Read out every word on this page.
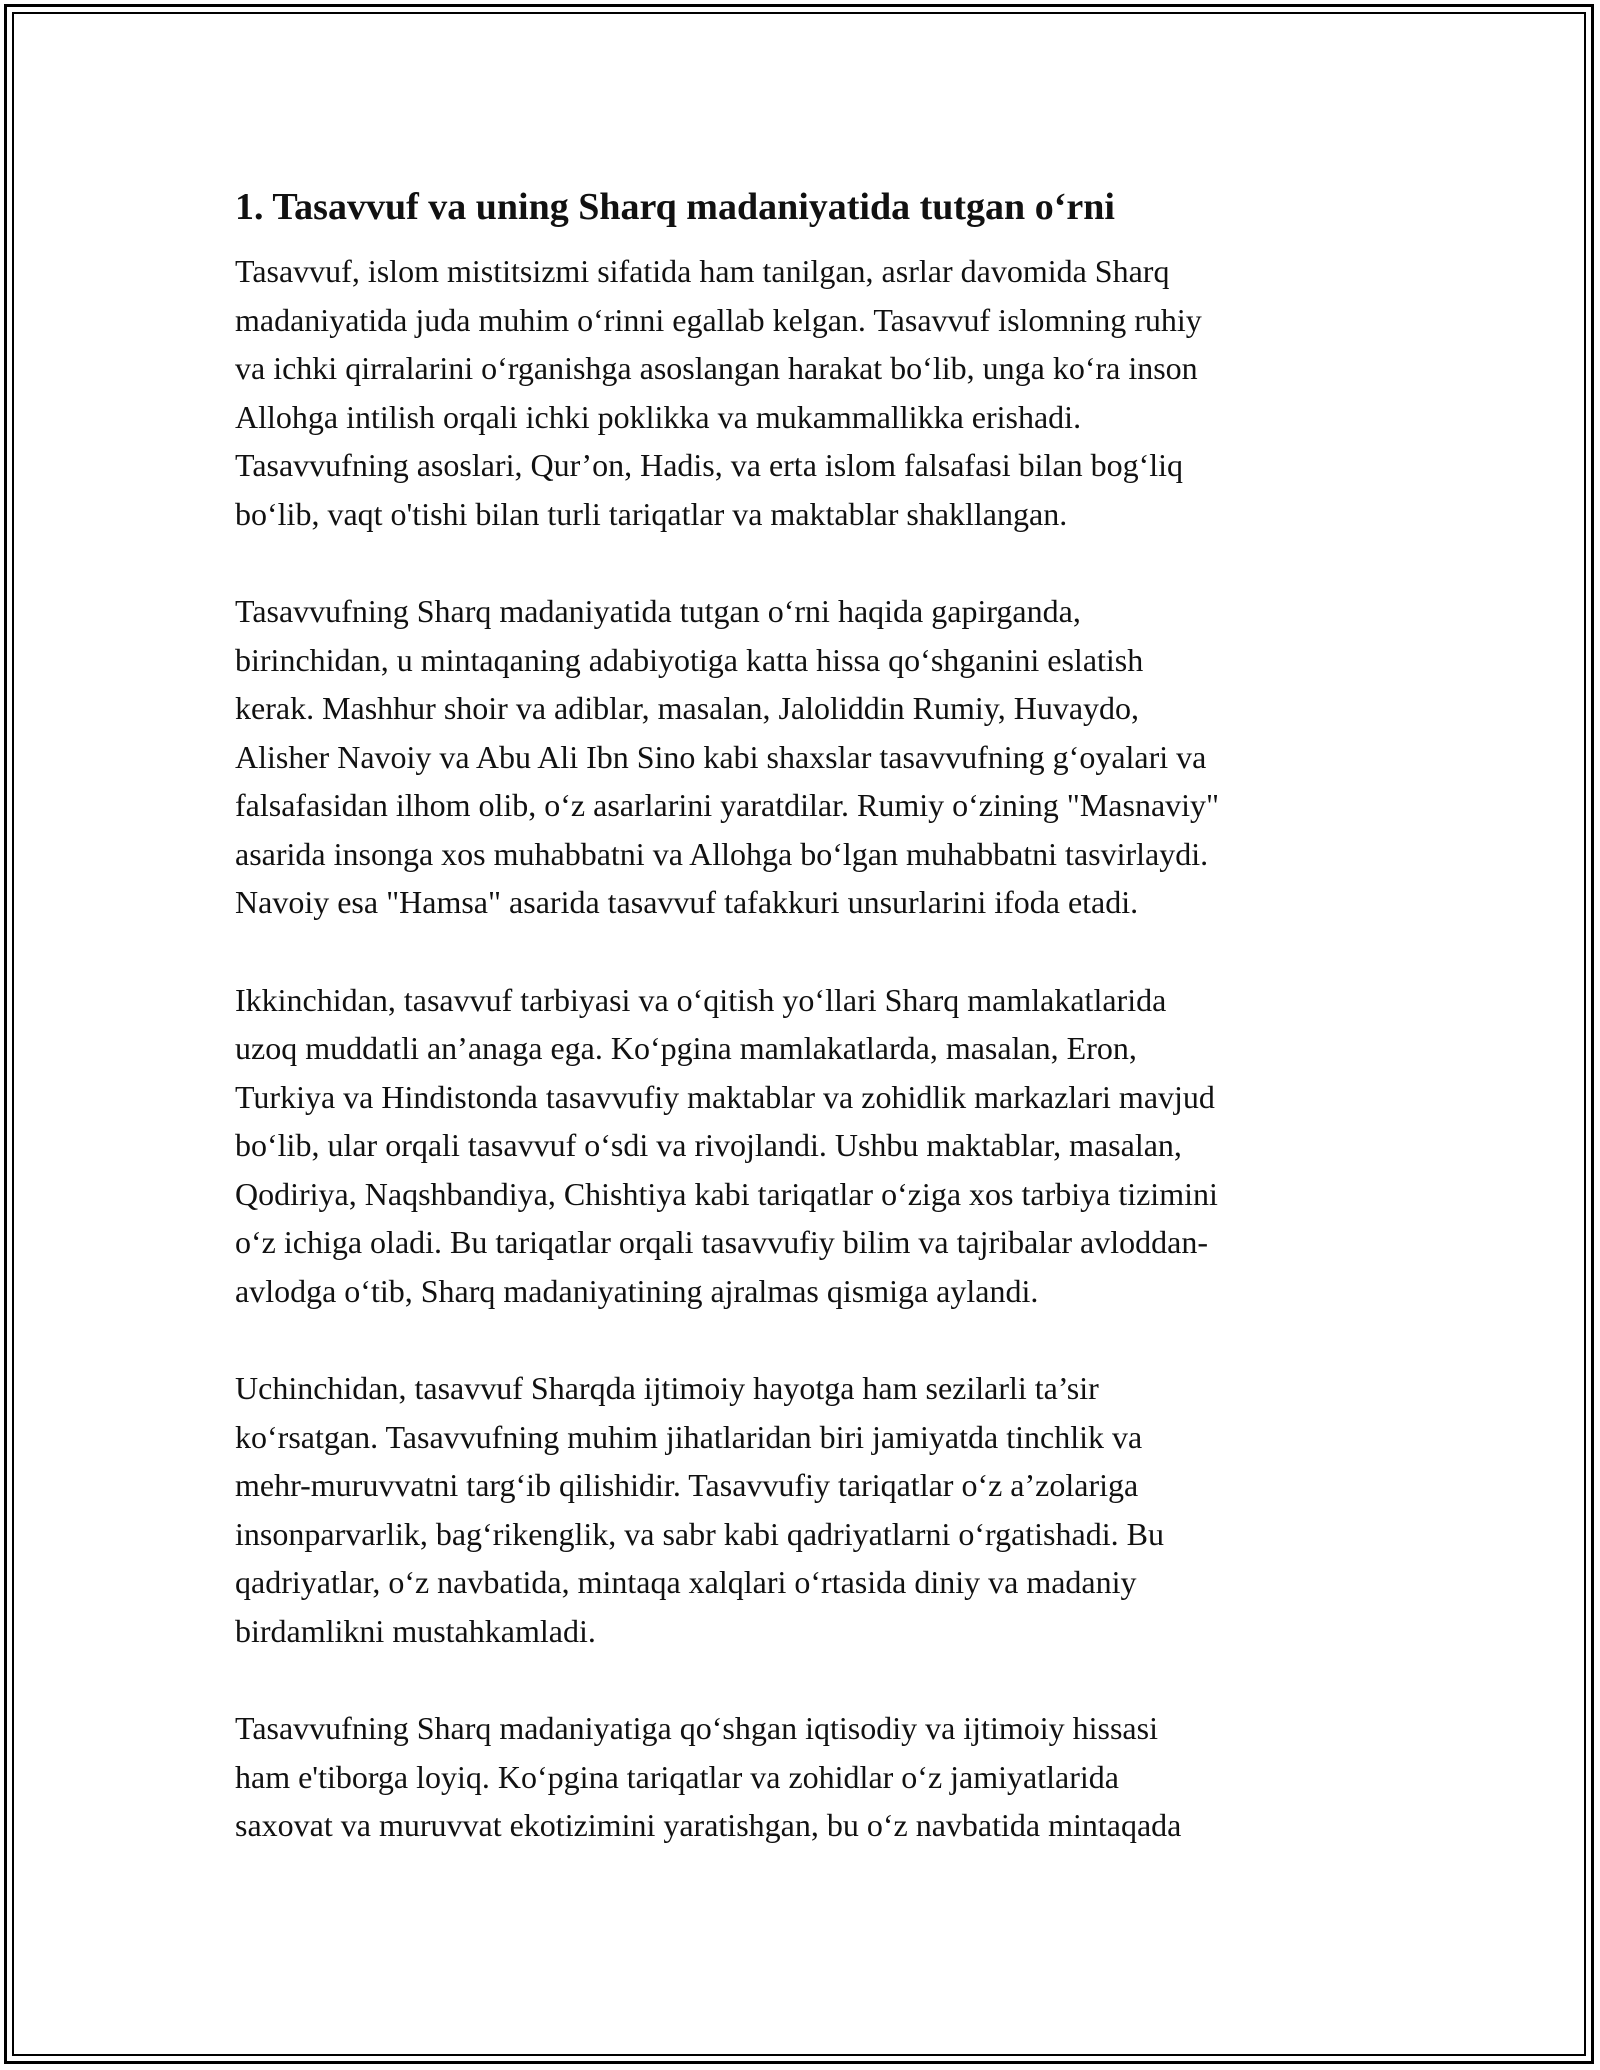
1. Tasavvuf va uning Sharq madaniyatida tutgan o‘rni

Tasavvuf, islom mistitsizmi sifatida ham tanilgan, asrlar davomida Sharq
madaniyatida juda muhim o‘rinni egallab kelgan. Tasavvuf islomning ruhiy
va ichki qirralarini o‘rganishga asoslangan harakat bo‘lib, unga ko‘ra inson
Allohga intilish orqali ichki poklikka va mukammallikka erishadi.
Tasavvufning asoslari, Qur’on, Hadis, va erta islom falsafasi bilan bog‘liq
bo‘lib, vaqt o'tishi bilan turli tariqatlar va maktablar shakllangan.

Tasavvufning Sharq madaniyatida tutgan o‘rni haqida gapirganda,
birinchidan, u mintaqaning adabiyotiga katta hissa qo‘shganini eslatish
kerak. Mashhur shoir va adiblar, masalan, Jaloliddin Rumiy, Huvaydo,
Alisher Navoiy va Abu Ali Ibn Sino kabi shaxslar tasavvufning g‘oyalari va
falsafasidan ilhom olib, o‘z asarlarini yaratdilar. Rumiy o‘zining "Masnaviy"
asarida insonga xos muhabbatni va Allohga bo‘lgan muhabbatni tasvirlaydi.
Navoiy esa "Hamsa" asarida tasavvuf tafakkuri unsurlarini ifoda etadi.

Ikkinchidan, tasavvuf tarbiyasi va o‘qitish yo‘llari Sharq mamlakatlarida
uzoq muddatli an’anaga ega. Ko‘pgina mamlakatlarda, masalan, Eron,
Turkiya va Hindistonda tasavvufiy maktablar va zohidlik markazlari mavjud
bo‘lib, ular orqali tasavvuf o‘sdi va rivojlandi. Ushbu maktablar, masalan,
Qodiriya, Naqshbandiya, Chishtiya kabi tariqatlar o‘ziga xos tarbiya tizimini
o‘z ichiga oladi. Bu tariqatlar orqali tasavvufiy bilim va tajribalar avloddan-
avlodga o‘tib, Sharq madaniyatining ajralmas qismiga aylandi.

Uchinchidan, tasavvuf Sharqda ijtimoiy hayotga ham sezilarli ta’sir
ko‘rsatgan. Tasavvufning muhim jihatlaridan biri jamiyatda tinchlik va
mehr-muruvvatni targ‘ib qilishidir. Tasavvufiy tariqatlar o‘z a’zolariga
insonparvarlik, bag‘rikenglik, va sabr kabi qadriyatlarni o‘rgatishadi. Bu
qadriyatlar, o‘z navbatida, mintaqa xalqlari o‘rtasida diniy va madaniy
birdamlikni mustahkamladi.

Tasavvufning Sharq madaniyatiga qo‘shgan iqtisodiy va ijtimoiy hissasi
ham e'tiborga loyiq. Ko‘pgina tariqatlar va zohidlar o‘z jamiyatlarida
saxovat va muruvvat ekotizimini yaratishgan, bu o‘z navbatida mintaqada
